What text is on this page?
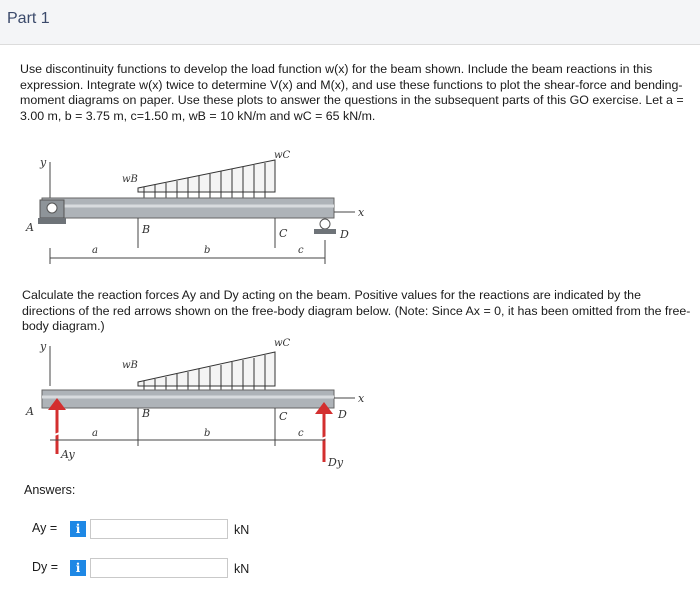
Part 1
Use discontinuity functions to develop the load function w(x) for the beam shown. Include the beam reactions in this expression. Integrate w(x) twice to determine V(x) and M(x), and use these functions to plot the shear-force and bending-moment diagrams on paper. Use these plots to answer the questions in the subsequent parts of this GO exercise. Let a = 3.00 m, b = 3.75 m, c=1.50 m, wB = 10 kN/m and wC = 65 kN/m.
y
wB
wC
x
A
D
B	C
a	b	c
Calculate the reaction forces Ay and Dy acting on the beam. Positive values for the reactions are indicated by the directions of the red arrows shown on the free-body diagram below. (Note: Since Ax = 0, it has been omitted from the free-body diagram.)
y
wB
wC
x
A
Ay
D
Dy
B	C
a	b	c
Answers:
Ay =	i	kN
Dy =	i	kN
